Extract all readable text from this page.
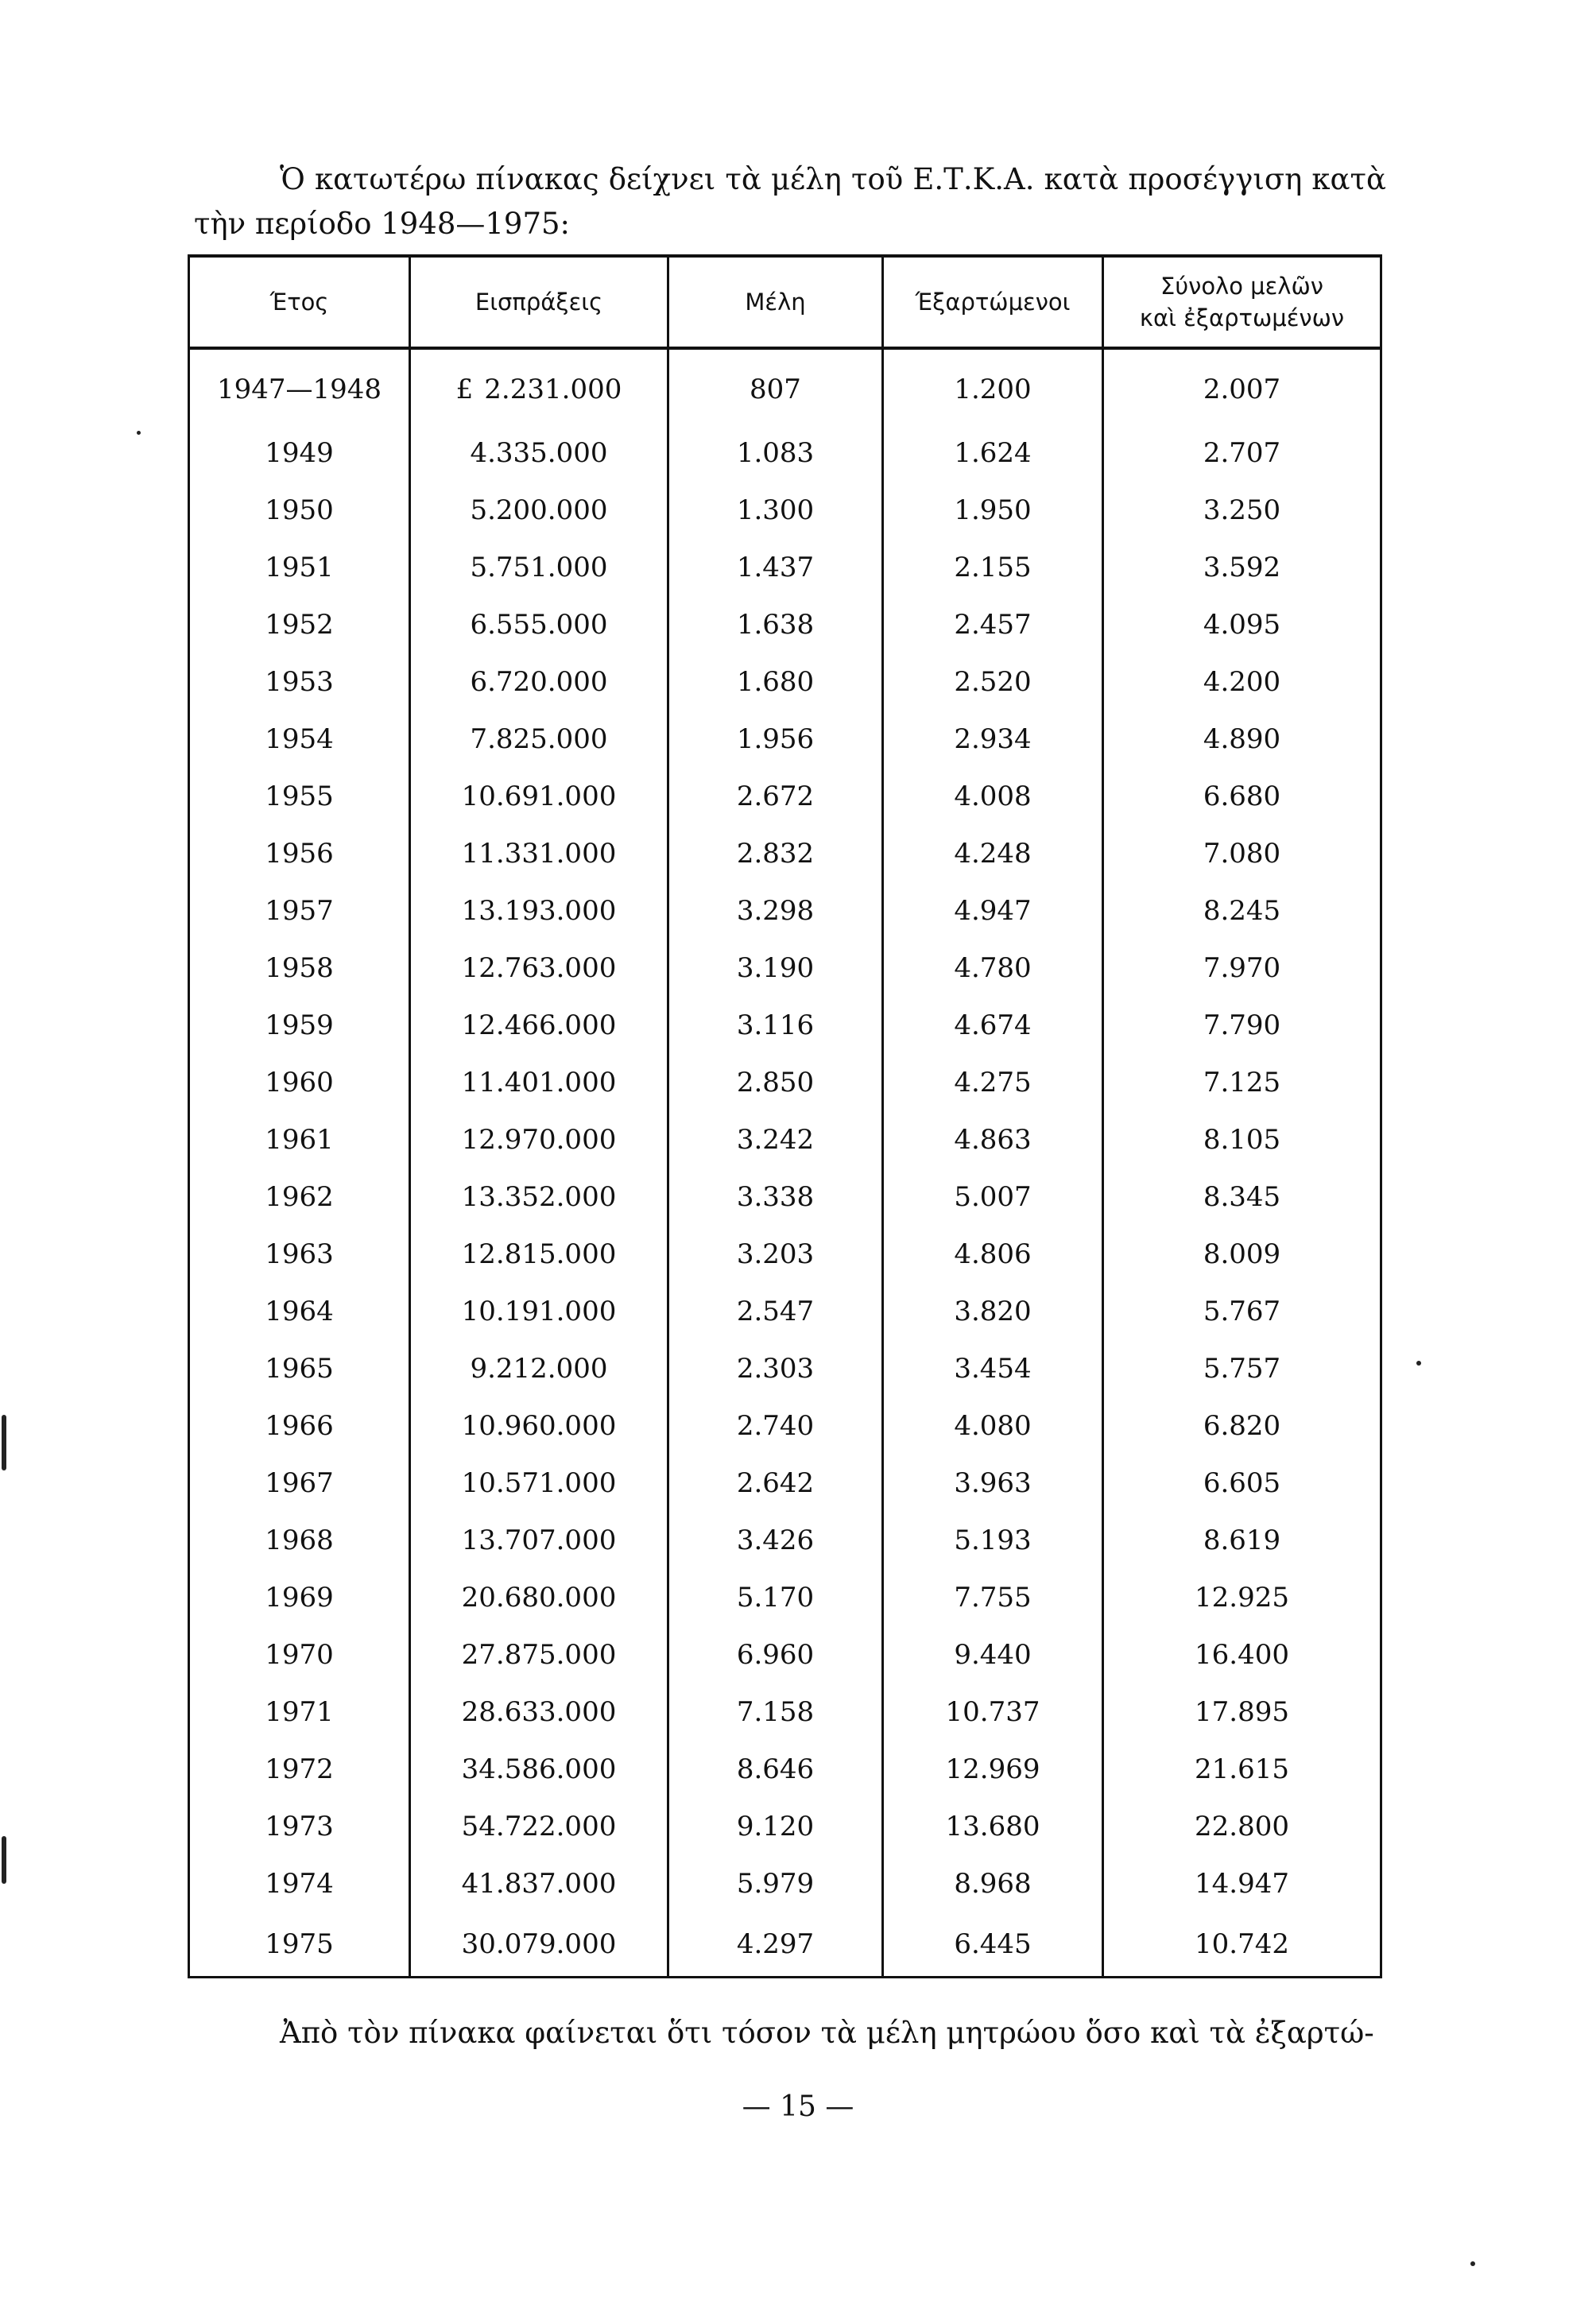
Ὁ κατωτέρω πίνακας δείχνει τὰ μέλη τοῦ Ε.Τ.Κ.Α. κατὰ προσέγγιση κατὰ τὴν περίοδο 1948—1975:

Έτος	Εισπράξεις	Μέλη	Έξαρτώμενοι	Σύνολο μελῶν
καὶ ἐξαρτωμένων

1947—1948	£ 2.231.000	807	1.200	2.007
1949	4.335.000	1.083	1.624	2.707
1950	5.200.000	1.300	1.950	3.250
1951	5.751.000	1.437	2.155	3.592
1952	6.555.000	1.638	2.457	4.095
1953	6.720.000	1.680	2.520	4.200
1954	7.825.000	1.956	2.934	4.890
1955	10.691.000	2.672	4.008	6.680
1956	11.331.000	2.832	4.248	7.080
1957	13.193.000	3.298	4.947	8.245
1958	12.763.000	3.190	4.780	7.970
1959	12.466.000	3.116	4.674	7.790
1960	11.401.000	2.850	4.275	7.125
1961	12.970.000	3.242	4.863	8.105
1962	13.352.000	3.338	5.007	8.345
1963	12.815.000	3.203	4.806	8.009
1964	10.191.000	2.547	3.820	5.767
1965	9.212.000	2.303	3.454	5.757
1966	10.960.000	2.740	4.080	6.820
1967	10.571.000	2.642	3.963	6.605
1968	13.707.000	3.426	5.193	8.619
1969	20.680.000	5.170	7.755	12.925
1970	27.875.000	6.960	9.440	16.400
1971	28.633.000	7.158	10.737	17.895
1972	34.586.000	8.646	12.969	21.615
1973	54.722.000	9.120	13.680	22.800
1974	41.837.000	5.979	8.968	14.947
1975	30.079.000	4.297	6.445	10.742

Ἀπὸ τὸν πίνακα φαίνεται ὅτι τόσον τὰ μέλη μητρώου ὅσο καὶ τὰ ἐξαρτώ-

— 15 —
